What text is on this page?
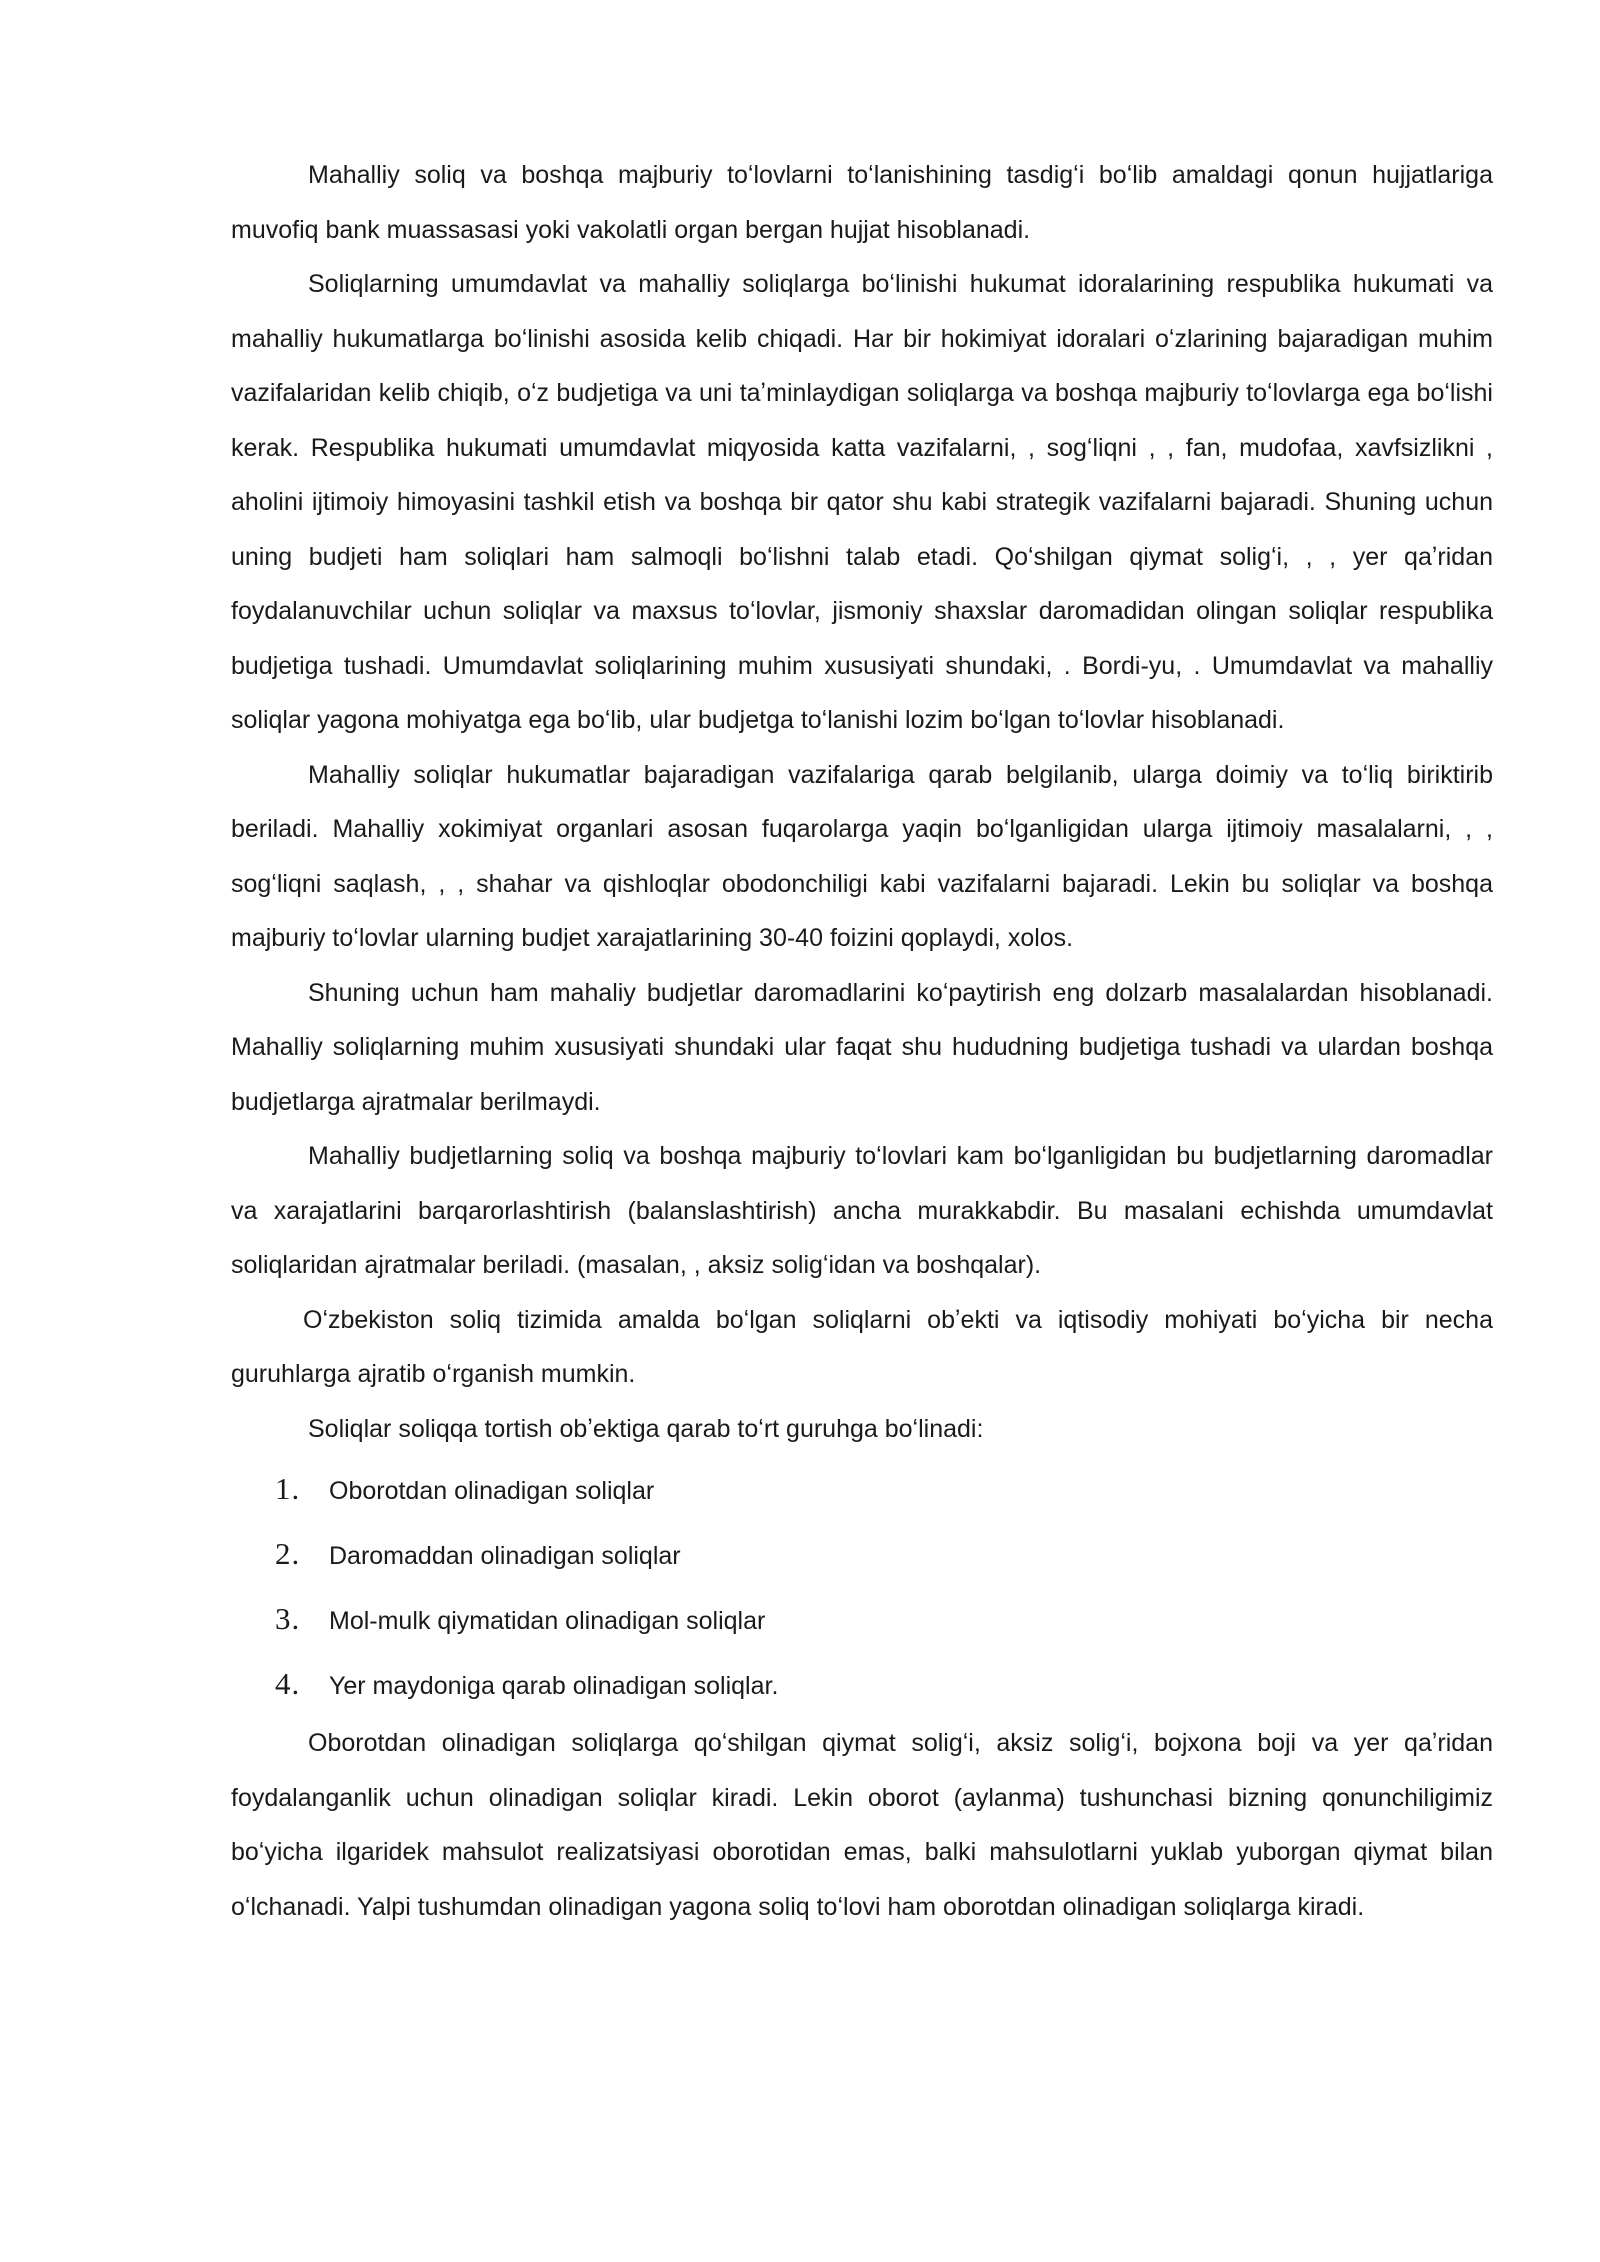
Mahalliy soliq va boshqa majburiy toʻlovlarni toʻlanishining tasdigʻi boʻlib amaldagi qonun hujjatlariga muvofiq bank muassasasi yoki vakolatli organ bergan hujjat hisoblanadi.

Soliqlarning umumdavlat va mahalliy soliqlarga boʻlinishi hukumat idoralarining respublika hukumati va mahalliy hukumatlarga boʻlinishi asosida kelib chiqadi. Har bir hokimiyat idoralari oʻzlarining bajaradigan muhim vazifalaridan kelib chiqib, oʻz budjetiga va uni taʼminlaydigan soliqlarga va boshqa majburiy toʻlovlarga ega boʻlishi kerak. Respublika hukumati umumdavlat miqyosida katta vazifalarni, , sogʻliqni , , fan, mudofaa, xavfsizlikni , aholini ijtimoiy himoyasini tashkil etish va boshqa bir qator shu kabi strategik vazifalarni bajaradi. Shuning uchun uning budjeti ham soliqlari ham salmoqli boʻlishni talab etadi. Qoʻshilgan qiymat soligʻi, , , yer qaʼridan foydalanuvchilar uchun soliqlar va maxsus toʻlovlar, jismoniy shaxslar daromadidan olingan soliqlar respublika budjetiga tushadi. Umumdavlat soliqlarining muhim xususiyati shundaki, . Bordi-yu, . Umumdavlat va mahalliy soliqlar yagona mohiyatga ega boʻlib, ular budjetga toʻlanishi lozim boʻlgan toʻlovlar hisoblanadi.

Mahalliy soliqlar hukumatlar bajaradigan vazifalariga qarab belgilanib, ularga doimiy va toʻliq biriktirib beriladi. Mahalliy xokimiyat organlari asosan fuqarolarga yaqin boʻlganligidan ularga ijtimoiy masalalarni, , , sogʻliqni saqlash, , , shahar va qishloqlar obodonchiligi kabi vazifalarni bajaradi. Lekin bu soliqlar va boshqa majburiy toʻlovlar ularning budjet xarajatlarining 30-40 foizini qoplaydi, xolos.

Shuning uchun ham mahaliy budjetlar daromadlarini koʻpaytirish eng dolzarb masalalardan hisoblanadi. Mahalliy soliqlarning muhim xususiyati shundaki ular faqat shu hududning budjetiga tushadi va ulardan boshqa budjetlarga ajratmalar berilmaydi.

Mahalliy budjetlarning soliq va boshqa majburiy toʻlovlari kam boʻlganligidan bu budjetlarning daromadlar va xarajatlarini barqarorlashtirish (balanslashtirish) ancha murakkabdir. Bu masalani echishda umumdavlat soliqlaridan ajratmalar beriladi. (masalan, , aksiz soligʻidan va boshqalar).

Oʻzbekiston soliq tizimida amalda boʻlgan soliqlarni obʼekti va iqtisodiy mohiyati boʻyicha bir necha guruhlarga ajratib oʻrganish mumkin.

Soliqlar soliqqa tortish obʼektiga qarab toʻrt guruhga boʻlinadi:

1.	Oborotdan olinadigan soliqlar
2.	Daromaddan olinadigan soliqlar
3.	Mol-mulk qiymatidan olinadigan soliqlar
4.	Yer maydoniga qarab olinadigan soliqlar.

Oborotdan olinadigan soliqlarga qoʻshilgan qiymat soligʻi, aksiz soligʻi, bojxona boji va yer qaʼridan foydalanganlik uchun olinadigan soliqlar kiradi. Lekin oborot (aylanma) tushunchasi bizning qonunchiligimiz boʻyicha ilgaridek mahsulot realizatsiyasi oborotidan emas, balki mahsulotlarni yuklab yuborgan qiymat bilan oʻlchanadi. Yalpi tushumdan olinadigan yagona soliq toʻlovi ham oborotdan olinadigan soliqlarga kiradi.
